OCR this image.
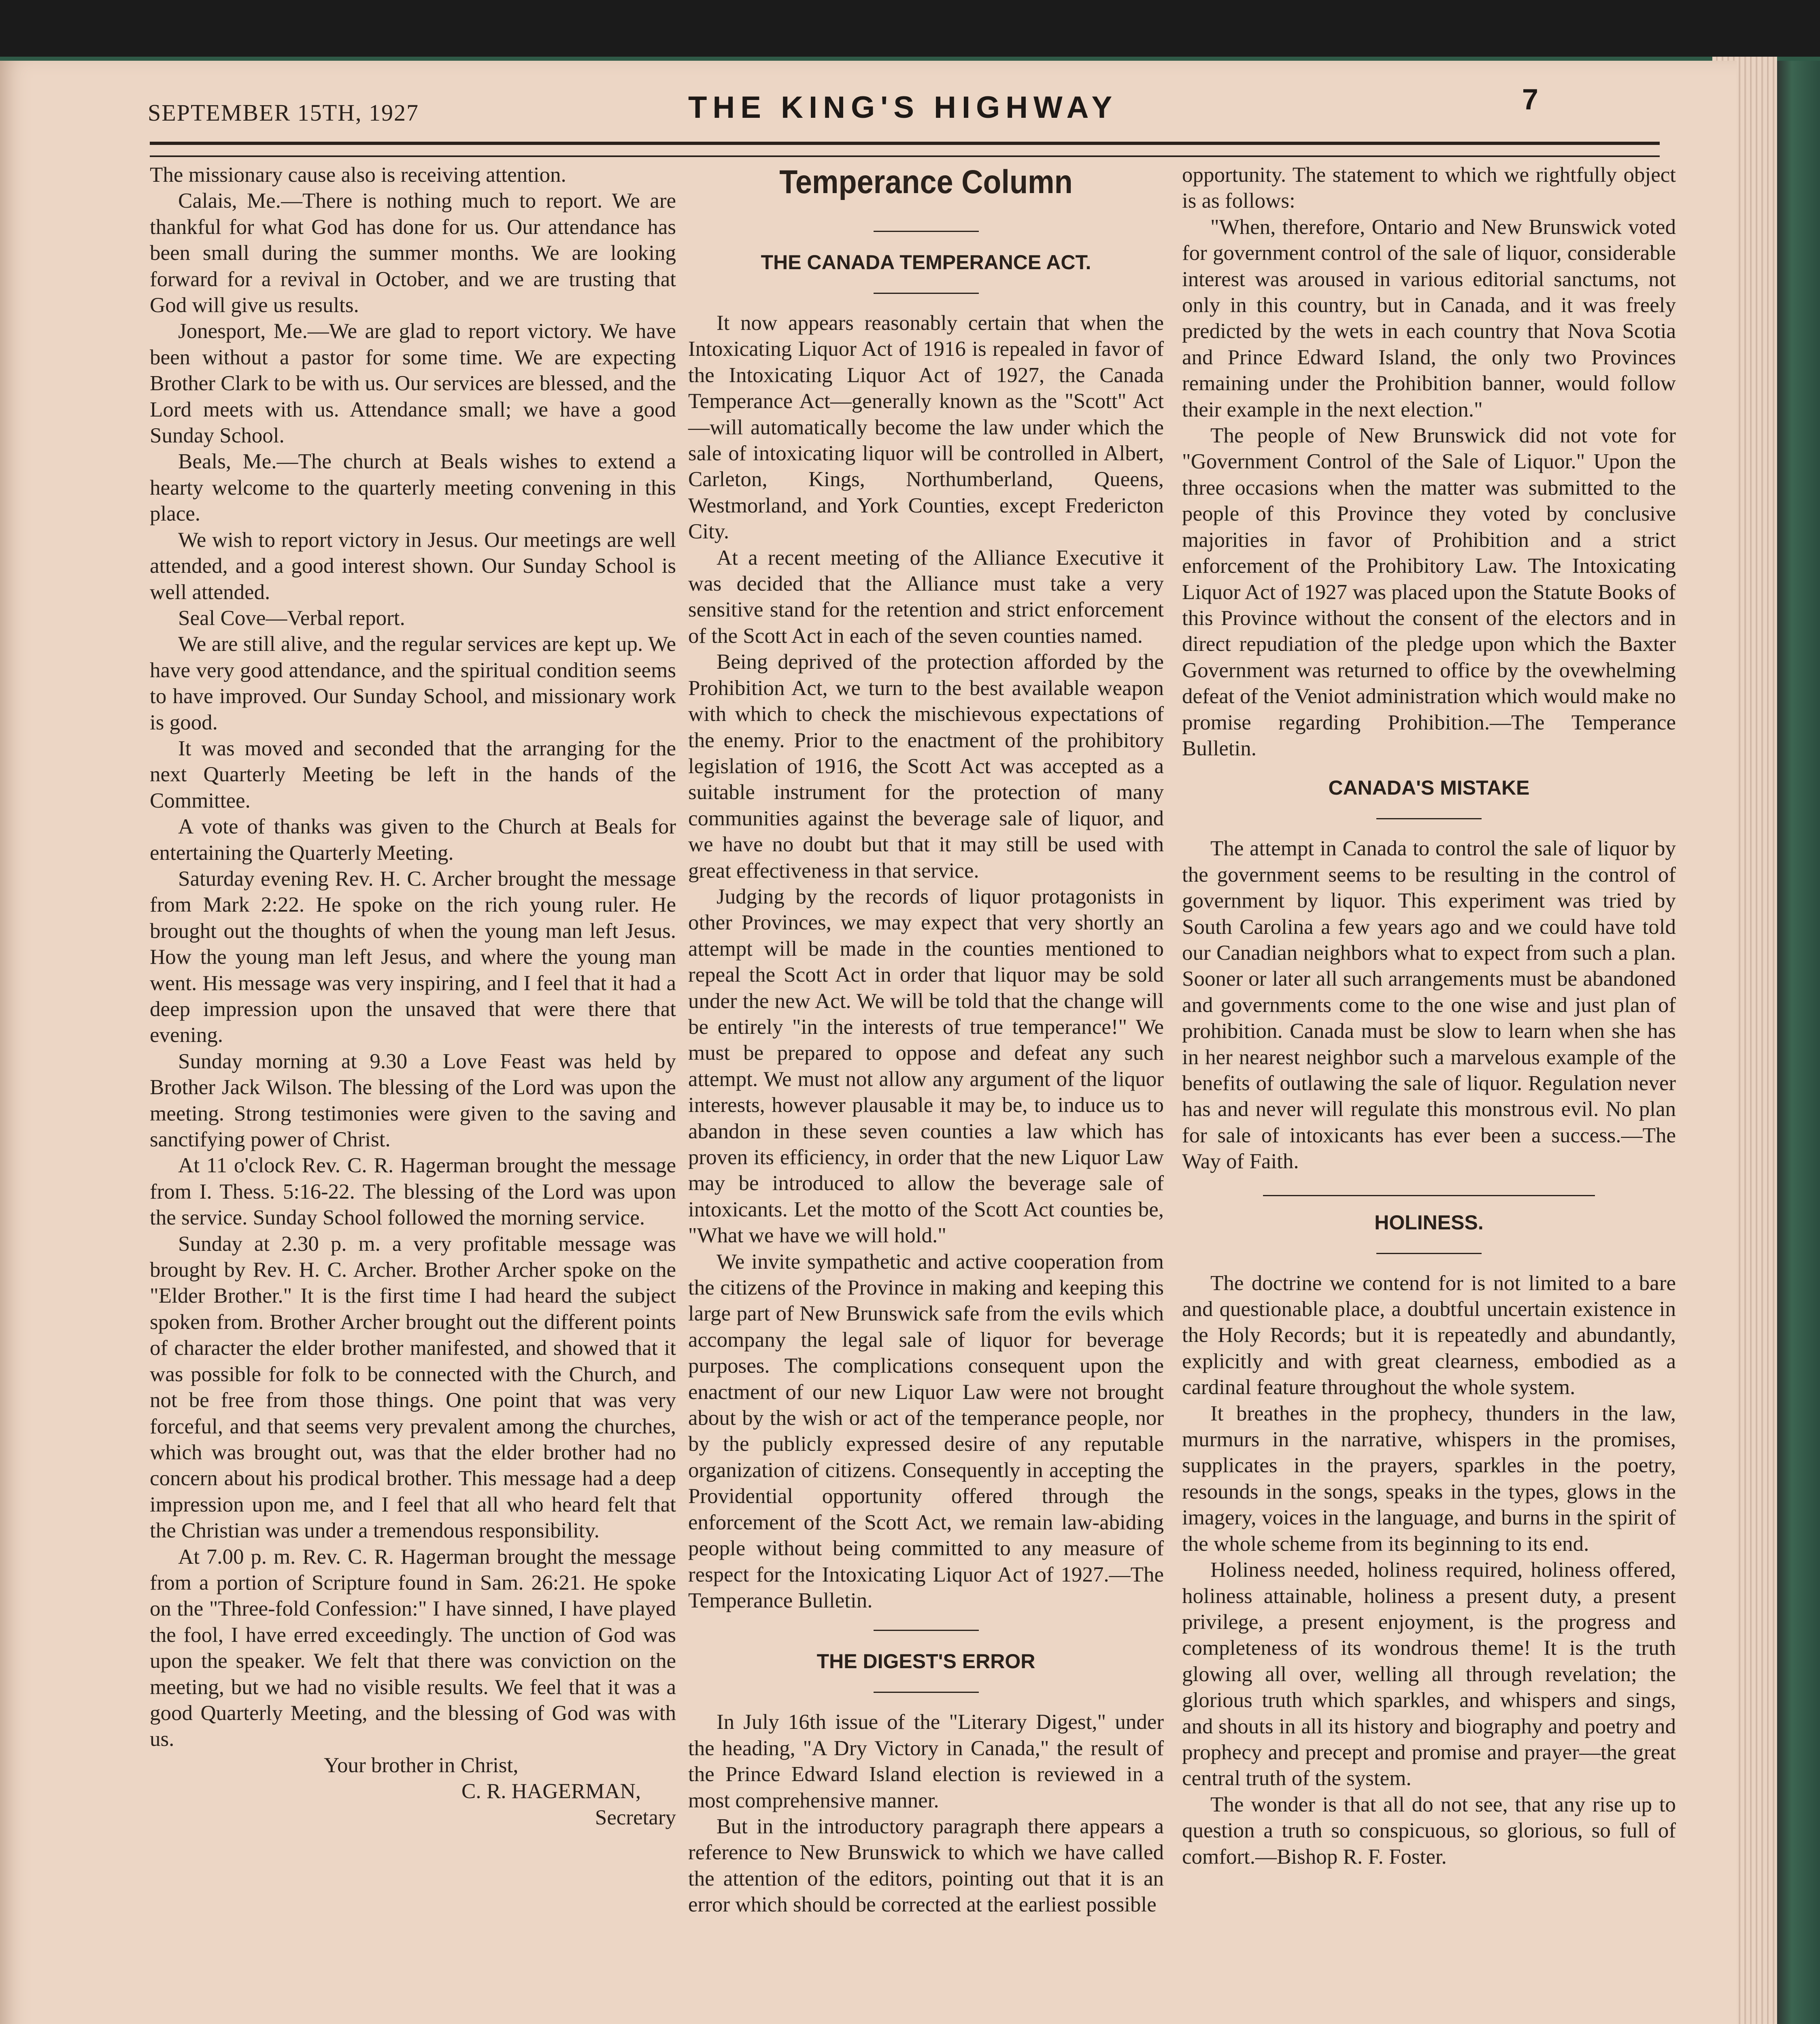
SEPTEMBER 15TH, 1927	THE KING'S HIGHWAY	7

The missionary cause also is receiving attention.

Calais, Me.—There is nothing much to report. We are thankful for what God has done for us. Our attendance has been small during the summer months. We are looking forward for a revival in October, and we are trusting that God will give us results.

Jonesport, Me.—We are glad to report victory. We have been without a pastor for some time. We are expecting Brother Clark to be with us. Our services are blessed, and the Lord meets with us. Attendance small; we have a good Sunday School.

Beals, Me.—The church at Beals wishes to extend a hearty welcome to the quarterly meeting convening in this place.

We wish to report victory in Jesus. Our meetings are well attended, and a good interest shown. Our Sunday School is well attended.

Seal Cove—Verbal report.

We are still alive, and the regular services are kept up. We have very good attendance, and the spiritual condition seems to have improved. Our Sunday School, and missionary work is good.

It was moved and seconded that the arranging for the next Quarterly Meeting be left in the hands of the Committee.

A vote of thanks was given to the Church at Beals for entertaining the Quarterly Meeting.

Saturday evening Rev. H. C. Archer brought the message from Mark 2:22. He spoke on the rich young ruler. He brought out the thoughts of when the young man left Jesus. How the young man left Jesus, and where the young man went. His message was very inspiring, and I feel that it had a deep impression upon the unsaved that were there that evening.

Sunday morning at 9.30 a Love Feast was held by Brother Jack Wilson. The blessing of the Lord was upon the meeting. Strong testimonies were given to the saving and sanctifying power of Christ.

At 11 o'clock Rev. C. R. Hagerman brought the message from I. Thess. 5:16-22. The blessing of the Lord was upon the service. Sunday School followed the morning service.

Sunday at 2.30 p. m. a very profitable message was brought by Rev. H. C. Archer. Brother Archer spoke on the "Elder Brother." It is the first time I had heard the subject spoken from. Brother Archer brought out the different points of character the elder brother manifested, and showed that it was possible for folk to be connected with the Church, and not be free from those things. One point that was very forceful, and that seems very prevalent among the churches, which was brought out, was that the elder brother had no concern about his prodical brother. This message had a deep impression upon me, and I feel that all who heard felt that the Christian was under a tremendous responsibility.

At 7.00 p. m. Rev. C. R. Hagerman brought the message from a portion of Scripture found in Sam. 26:21. He spoke on the "Three-fold Confession:" I have sinned, I have played the fool, I have erred exceedingly. The unction of God was upon the speaker. We felt that there was conviction on the meeting, but we had no visible results. We feel that it was a good Quarterly Meeting, and the blessing of God was with us.

Your brother in Christ,

C. R. HAGERMAN,

Secretary

Temperance Column
THE CANADA TEMPERANCE ACT.

It now appears reasonably certain that when the Intoxicating Liquor Act of 1916 is repealed in favor of the Intoxicating Liquor Act of 1927, the Canada Temperance Act—generally known as the "Scott" Act—will automatically become the law under which the sale of intoxicating liquor will be controlled in Albert, Carleton, Kings, Northumberland, Queens, Westmorland, and York Counties, except Fredericton City.

At a recent meeting of the Alliance Executive it was decided that the Alliance must take a very sensitive stand for the retention and strict enforcement of the Scott Act in each of the seven counties named.

Being deprived of the protection afforded by the Prohibition Act, we turn to the best available weapon with which to check the mischievous expectations of the enemy. Prior to the enactment of the prohibitory legislation of 1916, the Scott Act was accepted as a suitable instrument for the protection of many communities against the beverage sale of liquor, and we have no doubt but that it may still be used with great effectiveness in that service.

Judging by the records of liquor protagonists in other Provinces, we may expect that very shortly an attempt will be made in the counties mentioned to repeal the Scott Act in order that liquor may be sold under the new Act. We will be told that the change will be entirely "in the interests of true temperance!" We must be prepared to oppose and defeat any such attempt. We must not allow any argument of the liquor interests, however plausable it may be, to induce us to abandon in these seven counties a law which has proven its efficiency, in order that the new Liquor Law may be introduced to allow the beverage sale of intoxicants. Let the motto of the Scott Act counties be, "What we have we will hold."

We invite sympathetic and active cooperation from the citizens of the Province in making and keeping this large part of New Brunswick safe from the evils which accompany the legal sale of liquor for beverage purposes. The complications consequent upon the enactment of our new Liquor Law were not brought about by the wish or act of the temperance people, nor by the publicly expressed desire of any reputable organization of citizens. Consequently in accepting the Providential opportunity offered through the enforcement of the Scott Act, we remain law-abiding people without being committed to any measure of respect for the Intoxicating Liquor Act of 1927.—The Temperance Bulletin.

THE DIGEST'S ERROR

In July 16th issue of the "Literary Digest," under the heading, "A Dry Victory in Canada," the result of the Prince Edward Island election is reviewed in a most comprehensive manner.

But in the introductory paragraph there appears a reference to New Brunswick to which we have called the attention of the editors, pointing out that it is an error which should be corrected at the earliest possible

opportunity. The statement to which we rightfully object is as follows:

"When, therefore, Ontario and New Brunswick voted for government control of the sale of liquor, considerable interest was aroused in various editorial sanctums, not only in this country, but in Canada, and it was freely predicted by the wets in each country that Nova Scotia and Prince Edward Island, the only two Provinces remaining under the Prohibition banner, would follow their example in the next election."

The people of New Brunswick did not vote for "Government Control of the Sale of Liquor." Upon the three occasions when the matter was submitted to the people of this Province they voted by conclusive majorities in favor of Prohibition and a strict enforcement of the Prohibitory Law. The Intoxicating Liquor Act of 1927 was placed upon the Statute Books of this Province without the consent of the electors and in direct repudiation of the pledge upon which the Baxter Government was returned to office by the ovewhelming defeat of the Veniot administration which would make no promise regarding Prohibition.—The Temperance Bulletin.

CANADA'S MISTAKE

The attempt in Canada to control the sale of liquor by the government seems to be resulting in the control of government by liquor. This experiment was tried by South Carolina a few years ago and we could have told our Canadian neighbors what to expect from such a plan. Sooner or later all such arrangements must be abandoned and governments come to the one wise and just plan of prohibition. Canada must be slow to learn when she has in her nearest neighbor such a marvelous example of the benefits of outlawing the sale of liquor. Regulation never has and never will regulate this monstrous evil. No plan for sale of intoxicants has ever been a success.—The Way of Faith.

HOLINESS.

The doctrine we contend for is not limited to a bare and questionable place, a doubtful uncertain existence in the Holy Records; but it is repeatedly and abundantly, explicitly and with great clearness, embodied as a cardinal feature throughout the whole system.

It breathes in the prophecy, thunders in the law, murmurs in the narrative, whispers in the promises, supplicates in the prayers, sparkles in the poetry, resounds in the songs, speaks in the types, glows in the imagery, voices in the language, and burns in the spirit of the whole scheme from its beginning to its end.

Holiness needed, holiness required, holiness offered, holiness attainable, holiness a present duty, a present privilege, a present enjoyment, is the progress and completeness of its wondrous theme! It is the truth glowing all over, welling all through revelation; the glorious truth which sparkles, and whispers and sings, and shouts in all its history and biography and poetry and prophecy and precept and promise and prayer—the great central truth of the system.

The wonder is that all do not see, that any rise up to question a truth so conspicuous, so glorious, so full of comfort.—Bishop R. F. Foster.
